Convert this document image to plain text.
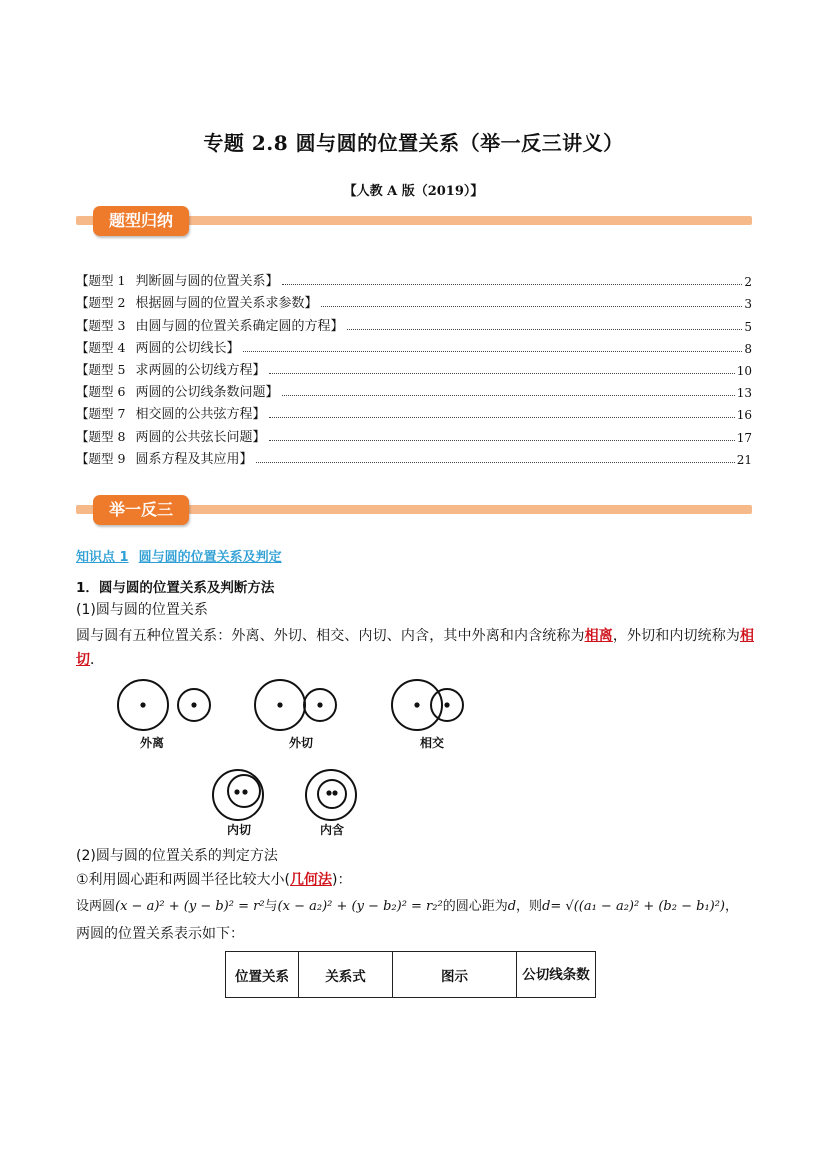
专题 2.8 圆与圆的位置关系（举一反三讲义）
【人教 A 版（2019）】
题型归纳
【题型 1 判断圆与圆的位置关系】	2
【题型 2 根据圆与圆的位置关系求参数】	3
【题型 3 由圆与圆的位置关系确定圆的方程】	5
【题型 4 两圆的公切线长】	8
【题型 5 求两圆的公切线方程】	10
【题型 6 两圆的公切线条数问题】	13
【题型 7 相交圆的公共弦方程】	16
【题型 8 两圆的公共弦长问题】	17
【题型 9 圆系方程及其应用】	21
举一反三
知识点 1 圆与圆的位置关系及判定
1．圆与圆的位置关系及判断方法
(1)圆与圆的位置关系
圆与圆有五种位置关系：外离、外切、相交、内切、内含，其中外离和内含统称为相离，外切和内切统称为相切．
外离	外切	相交
内切	内含
(2)圆与圆的位置关系的判定方法
①利用圆心距和两圆半径比较大小(几何法)：
设两圆(x − a)² + (y − b)² = r²与(x − a₂)² + (y − b₂)² = r₂²的圆心距为d，则d= √((a₁ − a₂)² + (b₂ − b₁)²)，
两圆的位置关系表示如下：
位置关系	关系式	图示	公切线条数
